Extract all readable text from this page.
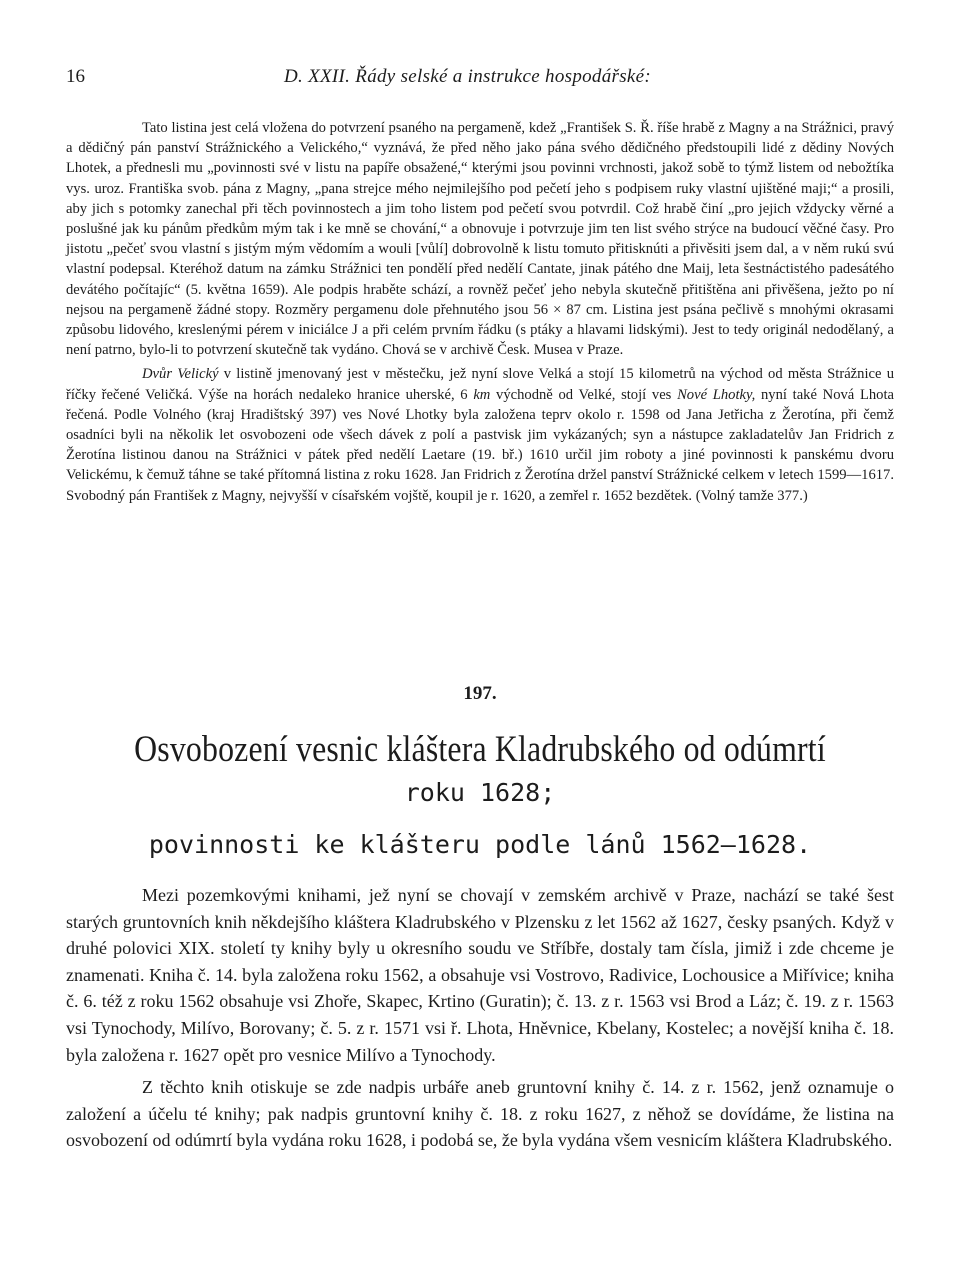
16	D. XXII. Řády selské a instrukce hospodářské:

Tato listina jest celá vložena do potvrzení psaného na pergameně, kdež „František S. Ř. říše hrabě z Magny a na Strážnici, pravý a dědičný pán panství Strážnického a Velického,“ vyznává, že před něho jako pána svého dědičného předstoupili lidé z dědiny Nových Lhotek, a přednesli mu „povinnosti své v listu na papíře obsažené,“ kterými jsou povinni vrchnosti, jakož sobě to týmž listem od nebožtíka vys. uroz. Františka svob. pána z Magny, „pana strejce mého nejmilejšího pod pečetí jeho s podpisem ruky vlastní ujištěné maji;“ a prosili, aby jich s potomky zanechal při těch povinnostech a jim toho listem pod pečetí svou potvrdil. Což hrabě činí „pro jejich vždycky věrné a poslušné jak ku pánům předkům mým tak i ke mně se chování,“ a obnovuje i potvrzuje jim ten list svého strýce na budoucí věčné časy. Pro jistotu „pečeť svou vlastní s jistým mým vědomím a wouli [vůlí] dobrovolně k listu tomuto přitisknúti a přivěsiti jsem dal, a v něm rukú svú vlastní podepsal. Kteréhož datum na zámku Strážnici ten pondělí před nedělí Cantate, jinak pátého dne Maij, leta šestnáctistého padesátého devátého počítajíc“ (5. května 1659). Ale podpis hraběte schází, a rovněž pečeť jeho nebyla skutečně přitištěna ani přivěšena, ježto po ní nejsou na pergameně žádné stopy. Rozměry pergamenu dole přehnutého jsou 56 × 87 cm. Listina jest psána pečlivě s mnohými okrasami způsobu lidového, kreslenými pérem v iniciálce J a při celém prvním řádku (s ptáky a hlavami lidskými). Jest to tedy originál nedodělaný, a není patrno, bylo-li to potvrzení skutečně tak vydáno. Chová se v archivě Česk. Musea v Praze.

Dvůr Velický v listině jmenovaný jest v městečku, jež nyní slove Velká a stojí 15 kilometrů na východ od města Strážnice u říčky řečené Veličká. Výše na horách nedaleko hranice uherské, 6 km východně od Velké, stojí ves Nové Lhotky, nyní také Nová Lhota řečená. Podle Volného (kraj Hradištský 397) ves Nové Lhotky byla založena teprv okolo r. 1598 od Jana Jetřicha z Žerotína, při čemž osadníci byli na několik let osvobozeni ode všech dávek z polí a pastvisk jim vykázaných; syn a nástupce zakladatelův Jan Fridrich z Žerotína listinou danou na Strážnici v pátek před nedělí Laetare (19. bř.) 1610 určil jim roboty a jiné povinnosti k panskému dvoru Velickému, k čemuž táhne se také přítomná listina z roku 1628. Jan Fridrich z Žerotína držel panství Strážnické celkem v letech 1599—1617. Svobodný pán František z Magny, nejvyšší v císařském vojště, koupil je r. 1620, a zemřel r. 1652 bezdětek. (Volný tamže 377.)

197.
Osvobození vesnic kláštera Kladrubského od odúmrtí
roku 1628;
povinnosti ke klášteru podle lánů 1562—1628.

Mezi pozemkovými knihami, jež nyní se chovají v zemském archivě v Praze, nachází se také šest starých gruntovních knih někdejšího kláštera Kladrubského v Plzensku z let 1562 až 1627, česky psaných. Když v druhé polovici XIX. století ty knihy byly u okresního soudu ve Stříbře, dostaly tam čísla, jimiž i zde chceme je znamenati. Kniha č. 14. byla založena roku 1562, a obsahuje vsi Vostrovo, Radivice, Lochousice a Miřívice; kniha č. 6. též z roku 1562 obsahuje vsi Zhoře, Skapec, Krtino (Guratin); č. 13. z r. 1563 vsi Brod a Láz; č. 19. z r. 1563 vsi Tynochody, Milívo, Borovany; č. 5. z r. 1571 vsi ř. Lhota, Hněvnice, Kbelany, Kostelec; a novější kniha č. 18. byla založena r. 1627 opět pro vesnice Milívo a Tynochody.

Z těchto knih otiskuje se zde nadpis urbáře aneb gruntovní knihy č. 14. z r. 1562, jenž oznamuje o založení a účelu té knihy; pak nadpis gruntovní knihy č. 18. z roku 1627, z něhož se dovídáme, že listina na osvobození od odúmrtí byla vydána roku 1628, i podobá se, že byla vydána všem vesnicím kláštera Kladrubského.
